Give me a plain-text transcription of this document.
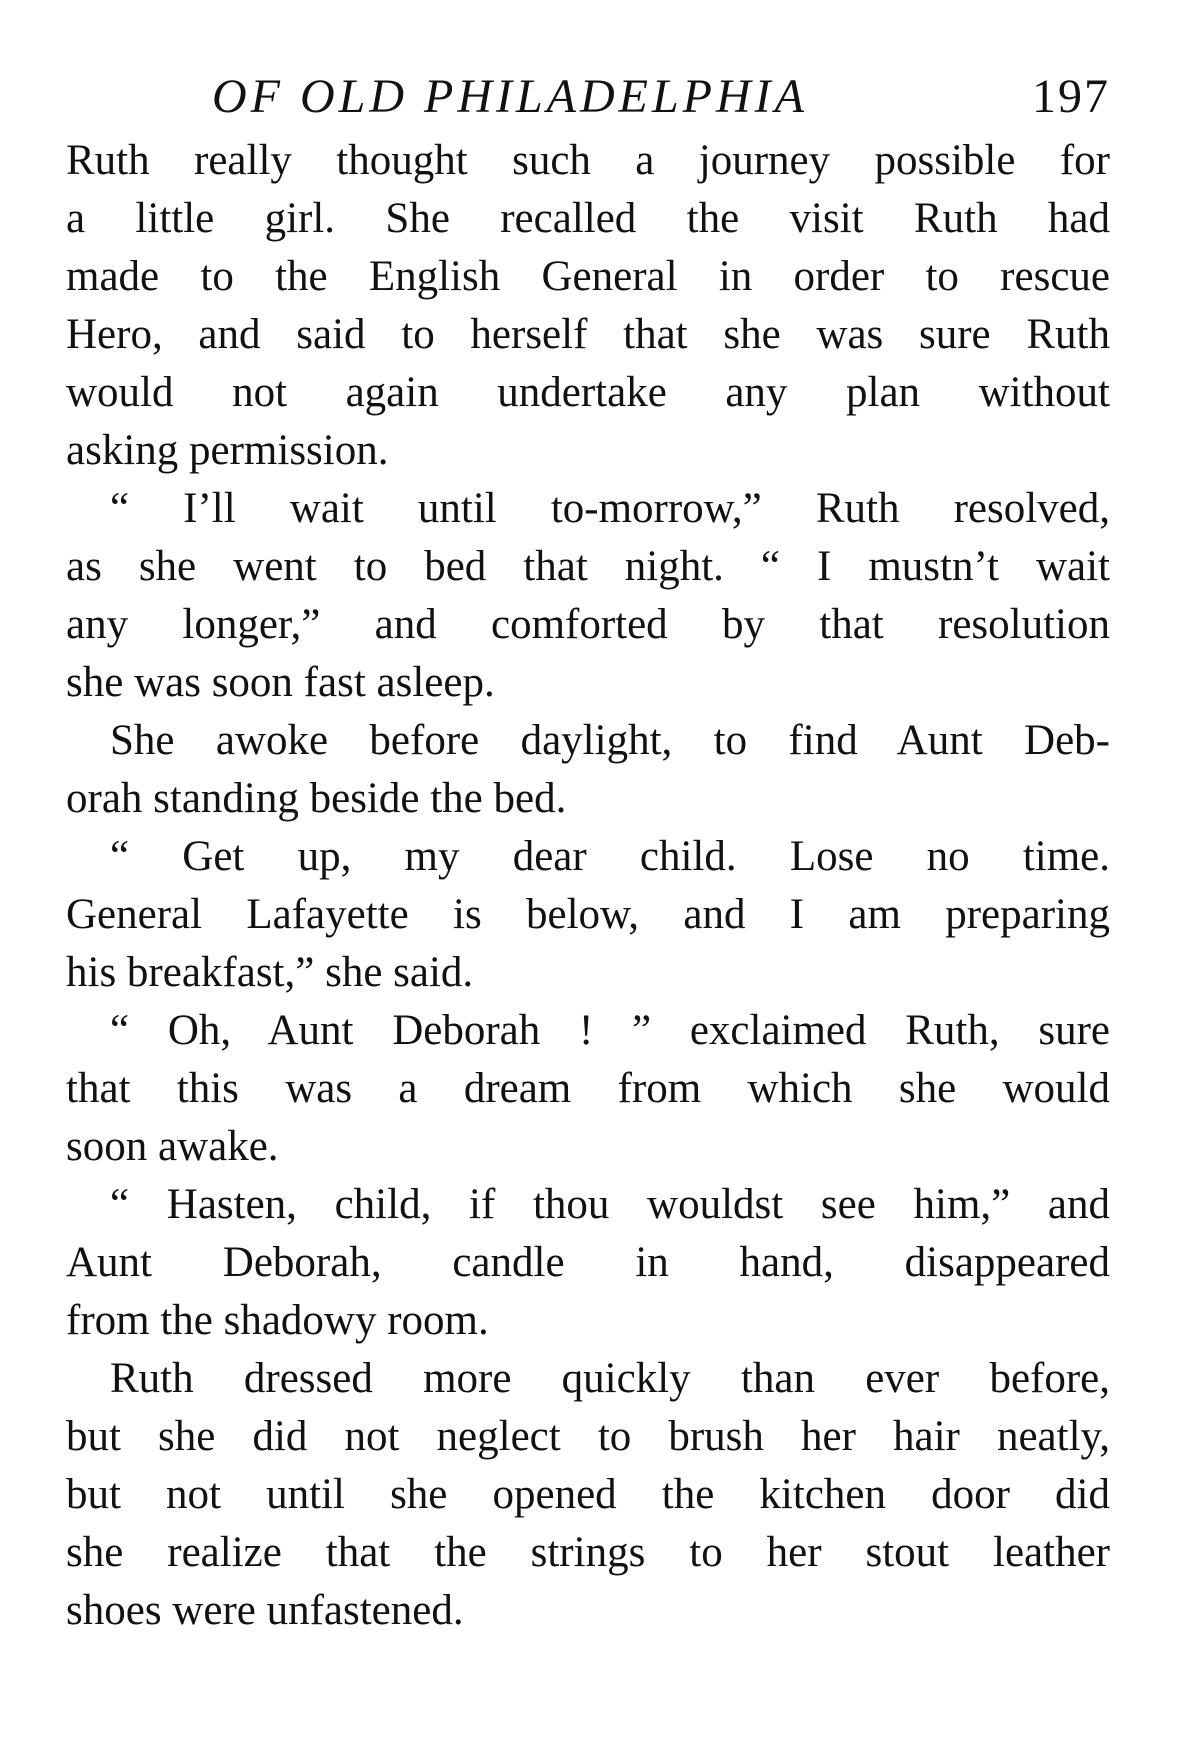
OF OLD PHILADELPHIA	197
Ruth really thought such a journey possible for
a little girl. She recalled the visit Ruth had
made to the English General in order to rescue
Hero, and said to herself that she was sure Ruth
would not again undertake any plan without
asking permission.
“ I’ll wait until to-morrow,” Ruth resolved,
as she went to bed that night. “ I mustn’t wait
any longer,” and comforted by that resolution
she was soon fast asleep.
She awoke before daylight, to find Aunt Deb-
orah standing beside the bed.
“ Get up, my dear child. Lose no time.
General Lafayette is below, and I am preparing
his breakfast,” she said.
“ Oh, Aunt Deborah ! ” exclaimed Ruth, sure
that this was a dream from which she would
soon awake.
“ Hasten, child, if thou wouldst see him,” and
Aunt Deborah, candle in hand, disappeared
from the shadowy room.
Ruth dressed more quickly than ever before,
but she did not neglect to brush her hair neatly,
but not until she opened the kitchen door did
she realize that the strings to her stout leather
shoes were unfastened.
